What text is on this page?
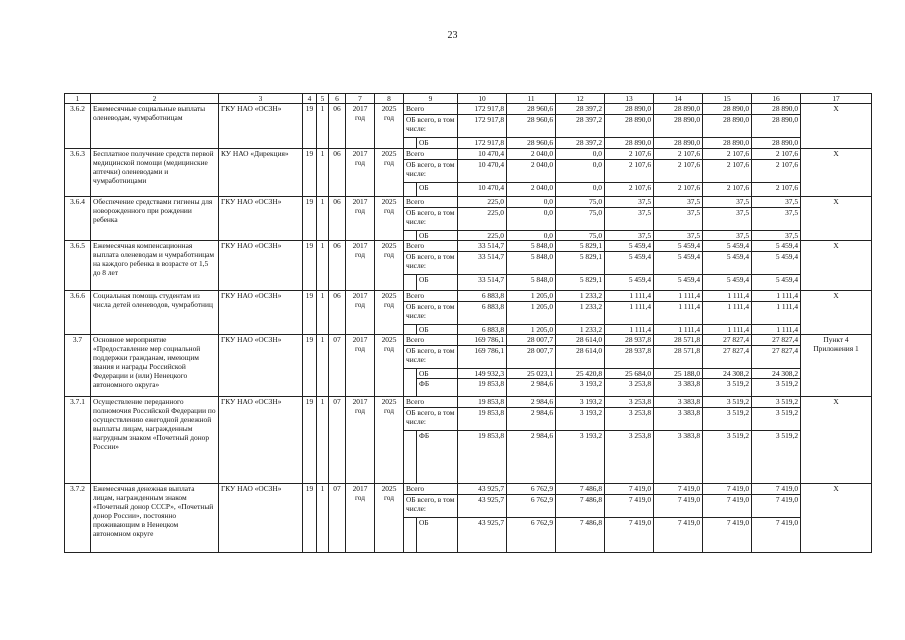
23
1	2	3	4	5	6	7	8	9		10	11	12	13	14	15	16	17
3.6.2	Ежемесячные социальные выплаты оленеводам, чумработницам	ГКУ НАО «ОСЗН»	19	1	06	2017 год	2025 год	Всего		172 917,8	28 960,6	28 397,2	28 890,0	28 890,0	28 890,0	28 890,0	X
								ОБ всего, в том числе:		172 917,8	28 960,6	28 397,2	28 890,0	28 890,0	28 890,0	28 890,0	
									ОБ	172 917,8	28 960,6	28 397,2	28 890,0	28 890,0	28 890,0	28 890,0	
3.6.3	Бесплатное получение средств первой медицинской помощи (медицинские аптечки) оленеводами и чумработницами	КУ НАО «Дирекция»	19	1	06	2017 год	2025 год	Всего		10 470,4	2 040,0	0,0	2 107,6	2 107,6	2 107,6	2 107,6	X
								ОБ всего, в том числе:		10 470,4	2 040,0	0,0	2 107,6	2 107,6	2 107,6	2 107,6	
									ОБ	10 470,4	2 040,0	0,0	2 107,6	2 107,6	2 107,6	2 107,6	
3.6.4	Обеспечение средствами гигиены для новорожденного при рождении ребенка	ГКУ НАО «ОСЗН»	19	1	06	2017 год	2025 год	Всего		225,0	0,0	75,0	37,5	37,5	37,5	37,5	X
								ОБ всего, в том числе:		225,0	0,0	75,0	37,5	37,5	37,5	37,5	
									ОБ	225,0	0,0	75,0	37,5	37,5	37,5	37,5	
3.6.5	Ежемесячная компенсационная выплата оленеводам и чумработницам на каждого ребенка в возрасте от 1,5 до 8 лет	ГКУ НАО «ОСЗН»	19	1	06	2017 год	2025 год	Всего		33 514,7	5 848,0	5 829,1	5 459,4	5 459,4	5 459,4	5 459,4	X
								ОБ всего, в том числе:		33 514,7	5 848,0	5 829,1	5 459,4	5 459,4	5 459,4	5 459,4	
									ОБ	33 514,7	5 848,0	5 829,1	5 459,4	5 459,4	5 459,4	5 459,4	
3.6.6	Социальная помощь студентам из числа детей оленеводов, чумработниц	ГКУ НАО «ОСЗН»	19	1	06	2017 год	2025 год	Всего		6 883,8	1 205,0	1 233,2	1 111,4	1 111,4	1 111,4	1 111,4	X
								ОБ всего, в том числе:		6 883,8	1 205,0	1 233,2	1 111,4	1 111,4	1 111,4	1 111,4	
									ОБ	6 883,8	1 205,0	1 233,2	1 111,4	1 111,4	1 111,4	1 111,4	
3.7	Основное мероприятие «Предоставление мер социальной поддержки гражданам, имеющим звания и награды Российской Федерации и (или) Ненецкого автономного округа»	ГКУ НАО «ОСЗН»	19	1	07	2017 год	2025 год	Всего		169 786,1	28 007,7	28 614,0	28 937,8	28 571,8	27 827,4	27 827,4	Пункт 4 Приложения 1
								ОБ всего, в том числе:		169 786,1	28 007,7	28 614,0	28 937,8	28 571,8	27 827,4	27 827,4	
									ОБ	149 932,3	25 023,1	25 420,8	25 684,0	25 188,0	24 308,2	24 308,2	
									ФБ	19 853,8	2 984,6	3 193,2	3 253,8	3 383,8	3 519,2	3 519,2	
3.7.1	Осуществление переданного полномочия Российской Федерации по осуществлению ежегодной денежной выплаты лицам, награжденным нагрудным знаком «Почетный донор России»	ГКУ НАО «ОСЗН»	19	1	07	2017 год	2025 год	Всего		19 853,8	2 984,6	3 193,2	3 253,8	3 383,8	3 519,2	3 519,2	X
								ОБ всего, в том числе:		19 853,8	2 984,6	3 193,2	3 253,8	3 383,8	3 519,2	3 519,2	
									ФБ	19 853,8	2 984,6	3 193,2	3 253,8	3 383,8	3 519,2	3 519,2	
3.7.2	Ежемесячная денежная выплата лицам, награжденным знаком «Почетный донор СССР», «Почетный донор России», постоянно проживающим в Ненецком автономном округе	ГКУ НАО «ОСЗН»	19	1	07	2017 год	2025 год	Всего		43 925,7	6 762,9	7 486,8	7 419,0	7 419,0	7 419,0	7 419,0	X
								ОБ всего, в том числе:		43 925,7	6 762,9	7 486,8	7 419,0	7 419,0	7 419,0	7 419,0	
									ОБ	43 925,7	6 762,9	7 486,8	7 419,0	7 419,0	7 419,0	7 419,0	
